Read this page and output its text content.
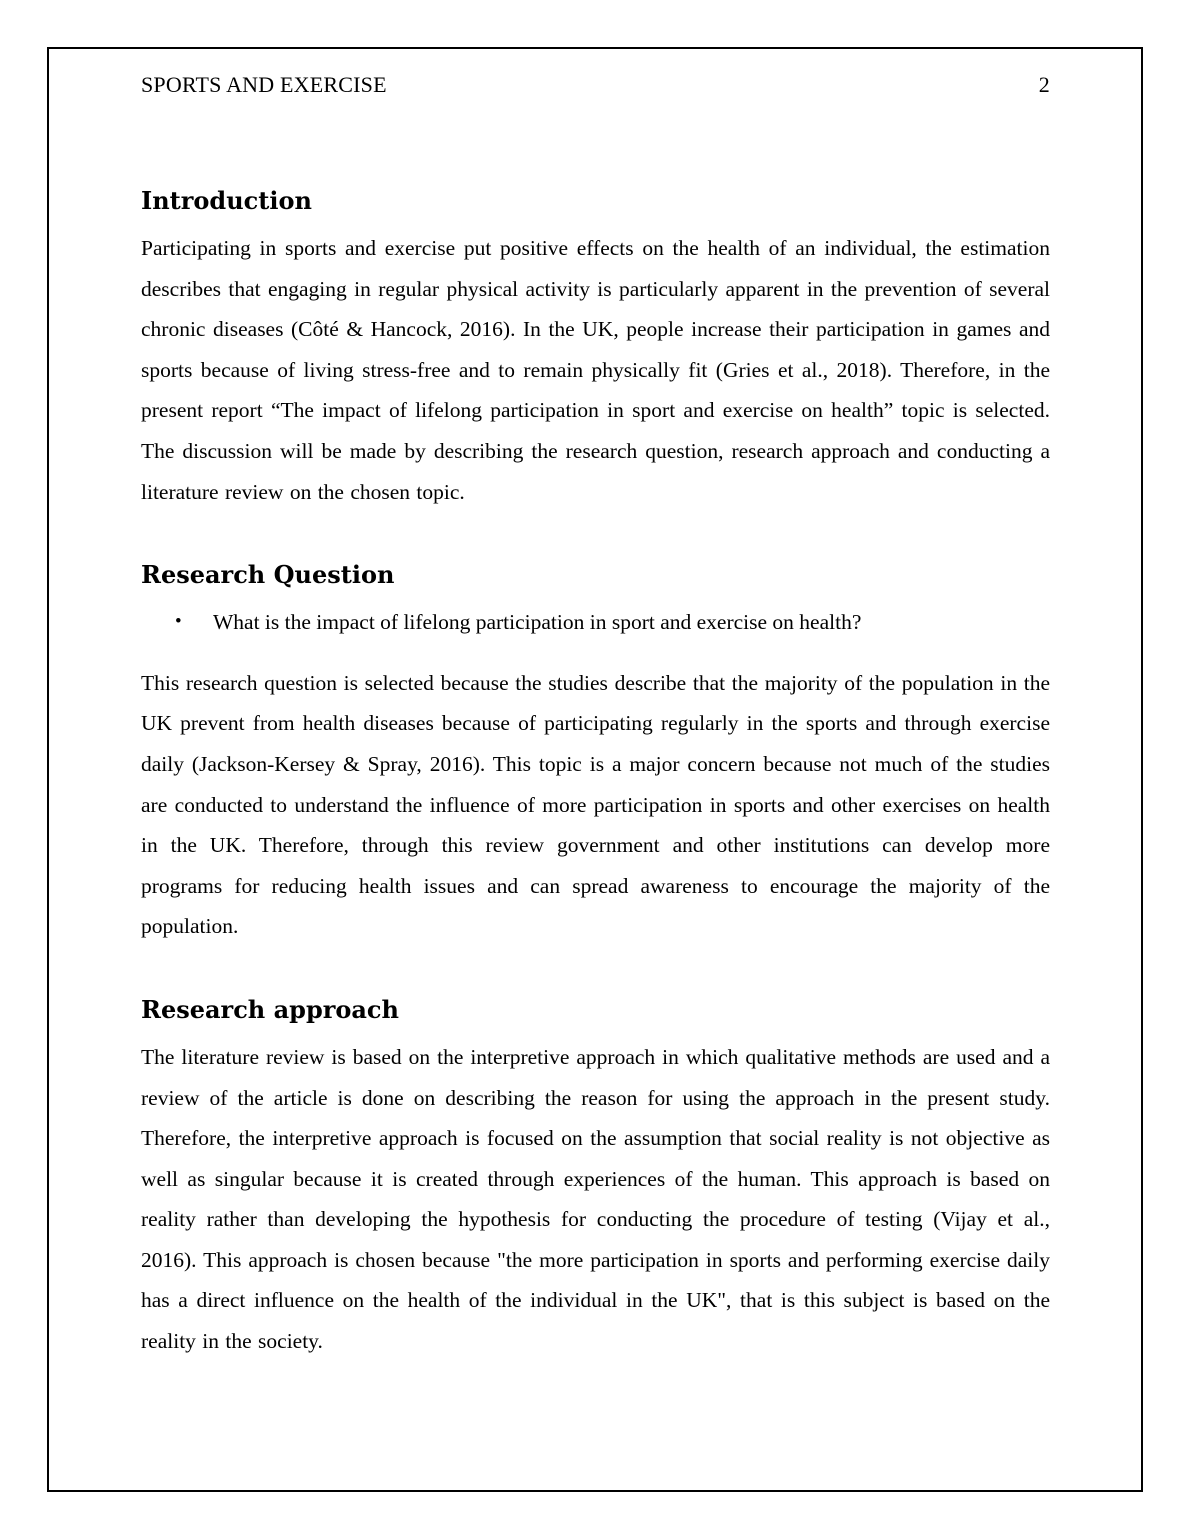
SPORTS AND EXERCISE	2
Introduction

Participating in sports and exercise put positive effects on the health of an individual, the estimation describes that engaging in regular physical activity is particularly apparent in the prevention of several chronic diseases (Côté & Hancock, 2016). In the UK, people increase their participation in games and sports because of living stress-free and to remain physically fit (Gries et al., 2018). Therefore, in the present report “The impact of lifelong participation in sport and exercise on health” topic is selected. The discussion will be made by describing the research question, research approach and conducting a literature review on the chosen topic.

Research Question
•	What is the impact of lifelong participation in sport and exercise on health?

This research question is selected because the studies describe that the majority of the population in the UK prevent from health diseases because of participating regularly in the sports and through exercise daily (Jackson-Kersey & Spray, 2016). This topic is a major concern because not much of the studies are conducted to understand the influence of more participation in sports and other exercises on health in the UK. Therefore, through this review government and other institutions can develop more programs for reducing health issues and can spread awareness to encourage the majority of the population.

Research approach

The literature review is based on the interpretive approach in which qualitative methods are used and a review of the article is done on describing the reason for using the approach in the present study. Therefore, the interpretive approach is focused on the assumption that social reality is not objective as well as singular because it is created through experiences of the human. This approach is based on reality rather than developing the hypothesis for conducting the procedure of testing (Vijay et al., 2016). This approach is chosen because "the more participation in sports and performing exercise daily has a direct influence on the health of the individual in the UK", that is this subject is based on the reality in the society.
